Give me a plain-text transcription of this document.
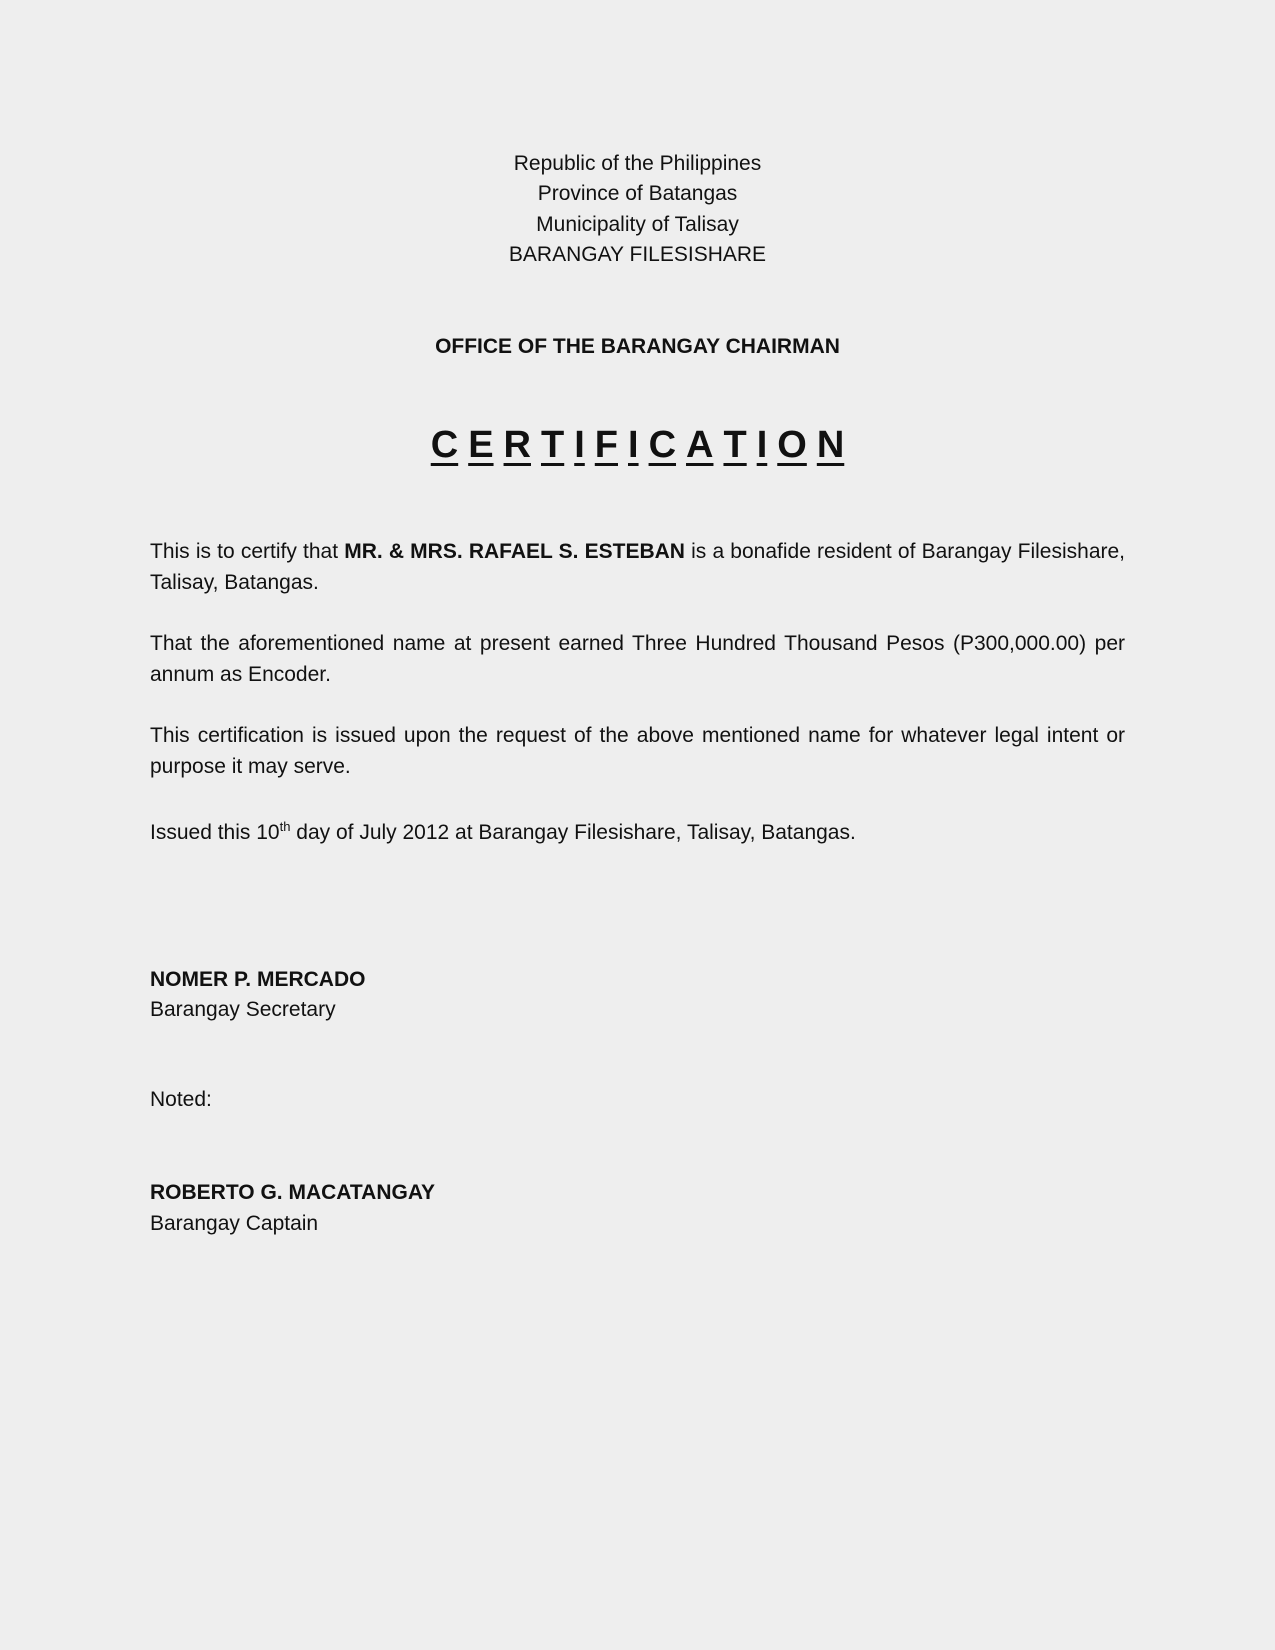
Republic of the Philippines
Province of Batangas
Municipality of Talisay
BARANGAY FILESISHARE
OFFICE OF THE BARANGAY CHAIRMAN
C E R T I F I C A T I O N
This is to certify that MR. & MRS. RAFAEL S. ESTEBAN is a bonafide resident of Barangay Filesishare, Talisay, Batangas.
That the aforementioned name at present earned Three Hundred Thousand Pesos (P300,000.00) per annum as Encoder.
This certification is issued upon the request of the above mentioned name for whatever legal intent or purpose it may serve.
Issued this 10th day of July 2012 at Barangay Filesishare, Talisay, Batangas.
NOMER P. MERCADO
Barangay Secretary
Noted:
ROBERTO G. MACATANGAY
Barangay Captain
